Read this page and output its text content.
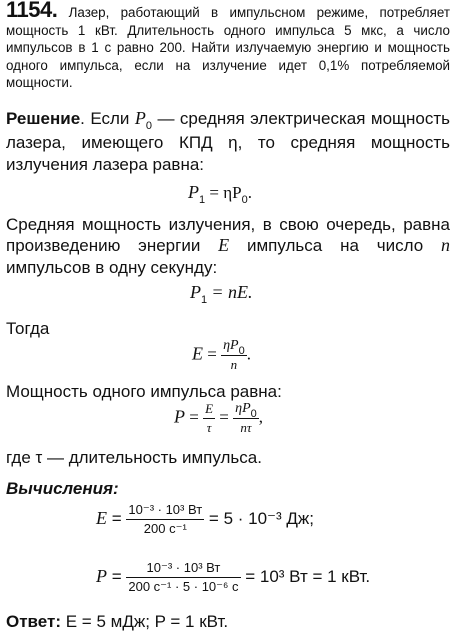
1154. Лазер, работающий в импульсном режиме, потребляет мощность 1 кВт. Длительность одного импульса 5 мкс, а число импульсов в 1 с равно 200. Найти излучаемую энергию и мощность одного импульса, если на излучение идет 0,1% потребляемой мощности.
Решение. Если $P_0$ — средняя электрическая мощность лазера, имеющего КПД η, то средняя мощность излучения лазера равна:
$P_1 = \eta P_0$.
Средняя мощность излучения, в свою очередь, равна произведению энергии E импульса на число n импульсов в одну секунду:
$P_1$ = nE.
Тогда
$E = \frac{\eta P0}{n}$ .
Мощность одного импульса равна:
$P = \frac{E}{\tau} = \frac{\eta P0}{n\tau}$ ,
где τ — длительность импульса.
Вычисления:
$E = \frac{\text{10⁻³ · 10³ Вт}}{\text{200 с⁻¹}} = 5 \cdot 10^{-3}$ Дж;
$P = \frac{\text{10⁻³ · 10³ Вт}}{\text{200 с⁻¹ · 5 · 10⁻⁶ с}} = 10^3$ Вт = 1 кВт.
Ответ: E = 5 мДж; P = 1 кВт.
